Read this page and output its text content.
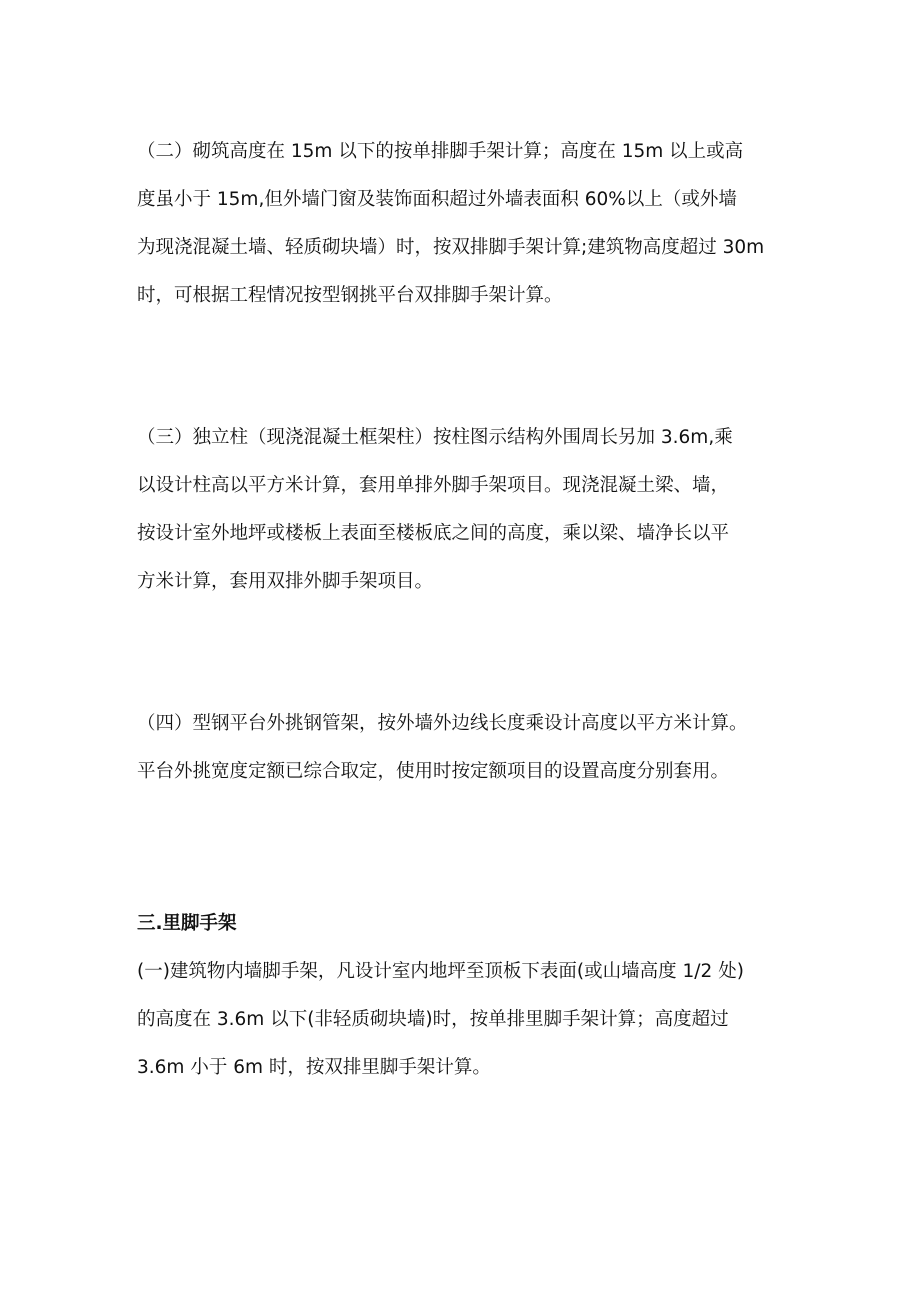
（二）砌筑高度在 15m 以下的按单排脚手架计算；高度在 15m 以上或高
度虽小于 15m,但外墙门窗及装饰面积超过外墙表面积 60%以上（或外墙
为现浇混凝土墙、轻质砌块墙）时，按双排脚手架计算;建筑物高度超过 30m
时，可根据工程情况按型钢挑平台双排脚手架计算。
（三）独立柱（现浇混凝土框架柱）按柱图示结构外围周长另加 3.6m,乘
以设计柱高以平方米计算，套用单排外脚手架项目。现浇混凝土梁、墙，
按设计室外地坪或楼板上表面至楼板底之间的高度，乘以梁、墙净长以平
方米计算，套用双排外脚手架项目。
（四）型钢平台外挑钢管架，按外墙外边线长度乘设计高度以平方米计算。
平台外挑宽度定额已综合取定，使用时按定额项目的设置高度分别套用。
三.里脚手架
(一)建筑物内墙脚手架，凡设计室内地坪至顶板下表面(或山墙高度 1/2 处)
的高度在 3.6m 以下(非轻质砌块墙)时，按单排里脚手架计算；高度超过
3.6m 小于 6m 时，按双排里脚手架计算。
